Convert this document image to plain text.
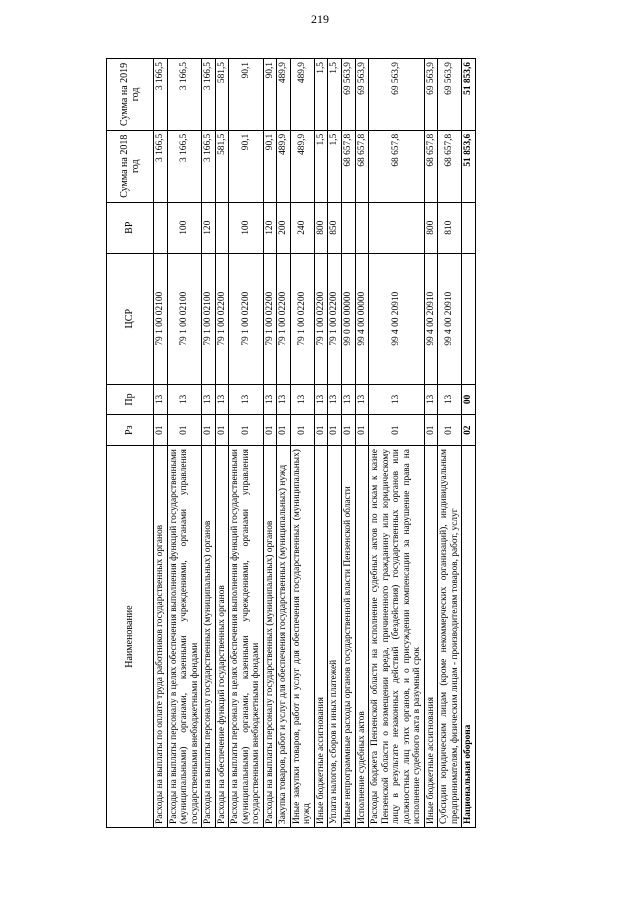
219
Наименование	Рз	Пр	ЦСР	ВР	Сумма на 2018 год	Сумма на 2019 год
Расходы на выплаты по оплате труда работников государственных органов	01	13	79 1 00 02100		3 166,5	3 166,5
Расходы на выплаты персоналу в целях обеспечения выполнения функций государственными (муниципальными) органами, казенными учреждениями, органами управления государственными внебюджетными фондами	01	13	79 1 00 02100	100	3 166,5	3 166,5
Расходы на выплаты персоналу государственных (муниципальных) органов	01	13	79 1 00 02100	120	3 166,5	3 166,5
Расходы на обеспечение функций государственных органов	01	13	79 1 00 02200		581,5	581,5
Расходы на выплаты персоналу в целях обеспечения выполнения функций государственными (муниципальными) органами, казенными учреждениями, органами управления государственными внебюджетными фондами	01	13	79 1 00 02200	100	90,1	90,1
Расходы на выплаты персоналу государственных (муниципальных) органов	01	13	79 1 00 02200	120	90,1	90,1
Закупка товаров, работ и услуг для обеспечения государственных (муниципальных) нужд	01	13	79 1 00 02200	200	489,9	489,9
Иные закупки товаров, работ и услуг для обеспечения государственных (муниципальных) нужд	01	13	79 1 00 02200	240	489,9	489,9
Иные бюджетные ассигнования	01	13	79 1 00 02200	800	1,5	1,5
Уплата налогов, сборов и иных платежей	01	13	79 1 00 02200	850	1,5	1,5
Иные непрограммные расходы органов государственной власти Пензенской области	01	13	99 0 00 00000		68 657,8	69 563,9
Исполнение судебных актов	01	13	99 4 00 00000		68 657,8	69 563,9
Расходы бюджета Пензенской области на исполнение судебных актов по искам к казне Пензенской области о возмещении вреда, причиненного гражданину или юридическому лицу в результате незаконных действий (бездействия) государственных органов или должностных лиц этих органов, и о присуждении компенсации за нарушение права на исполнение судебного акта в разумный срок	01	13	99 4 00 20910		68 657,8	69 563,9
Иные бюджетные ассигнования	01	13	99 4 00 20910	800	68 657,8	69 563,9
Субсидии юридическим лицам (кроме некоммерческих организаций), индивидуальным предпринимателям, физическим лицам - производителям товаров, работ, услуг	01	13	99 4 00 20910	810	68 657,8	69 563,9
Национальная оборона	02	00			51 853,6	51 853,6
